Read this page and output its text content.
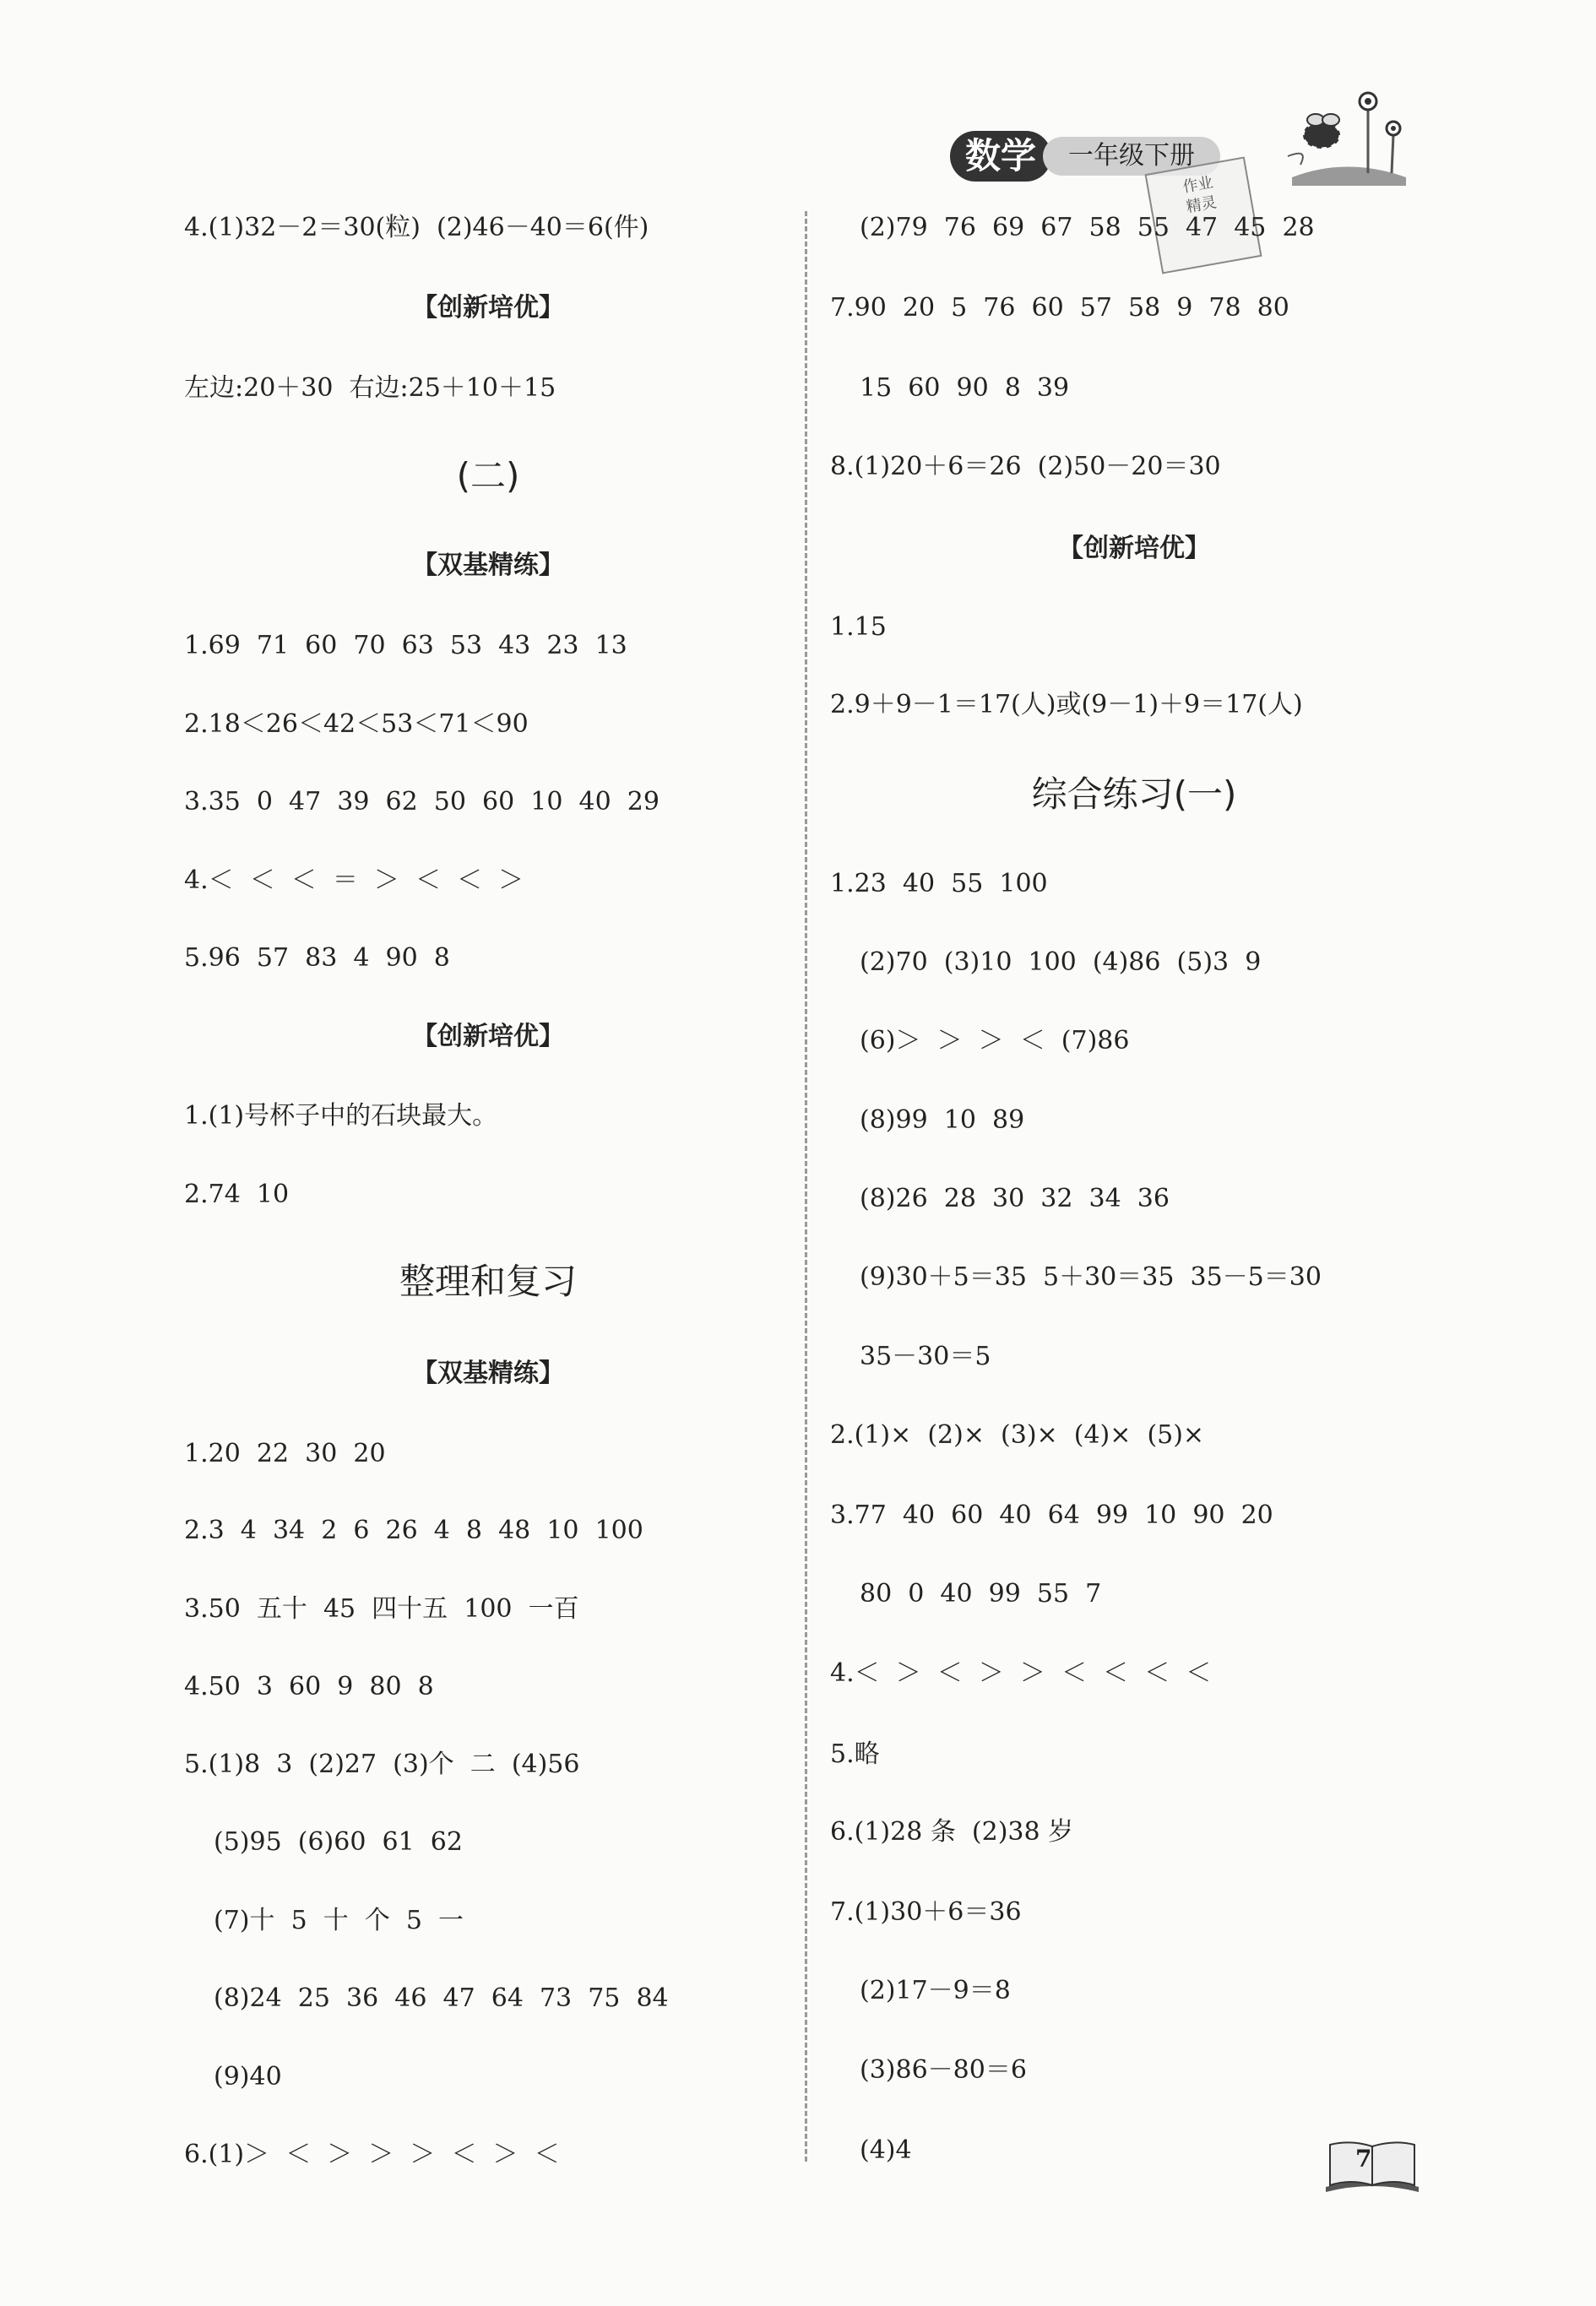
数学	一年级下册
作业
精灵
4.(1)32－2＝30(粒)  (2)46－40＝6(件)
【创新培优】
左边:20＋30  右边:25＋10＋15
(二)
【双基精练】
1.69  71  60  70  63  53  43  23  13
2.18＜26＜42＜53＜71＜90
3.35  0  47  39  62  50  60  10  40  29
4.＜  ＜  ＜  ＝  ＞  ＜  ＜  ＞
5.96  57  83  4  90  8
【创新培优】
1.(1)号杯子中的石块最大。
2.74  10
整理和复习
【双基精练】
1.20  22  30  20
2.3  4  34  2  6  26  4  8  48  10  100
3.50  五十  45  四十五  100  一百
4.50  3  60  9  80  8
5.(1)8  3  (2)27  (3)个  二  (4)56
(5)95  (6)60  61  62
(7)十  5  十  个  5  一
(8)24  25  36  46  47  64  73  75  84
(9)40
6.(1)＞  ＜  ＞  ＞  ＞  ＜  ＞  ＜
(2)79  76  69  67  58  55  47  45  28
7.90  20  5  76  60  57  58  9  78  80
15  60  90  8  39
8.(1)20＋6＝26  (2)50－20＝30
【创新培优】
1.15
2.9＋9－1＝17(人)或(9－1)＋9＝17(人)
综合练习(一)
1.23  40  55  100
(2)70  (3)10  100  (4)86  (5)3  9
(6)＞  ＞  ＞  ＜  (7)86
(8)99  10  89
(8)26  28  30  32  34  36
(9)30＋5＝35  5＋30＝35  35－5＝30
35－30＝5
2.(1)×  (2)×  (3)×  (4)×  (5)×
3.77  40  60  40  64  99  10  90  20
80  0  40  99  55  7
4.＜  ＞  ＜  ＞  ＞  ＜  ＜  ＜  ＜
5.略
6.(1)28 条  (2)38 岁
7.(1)30＋6＝36
(2)17－9＝8
(3)86－80＝6
(4)4	7
